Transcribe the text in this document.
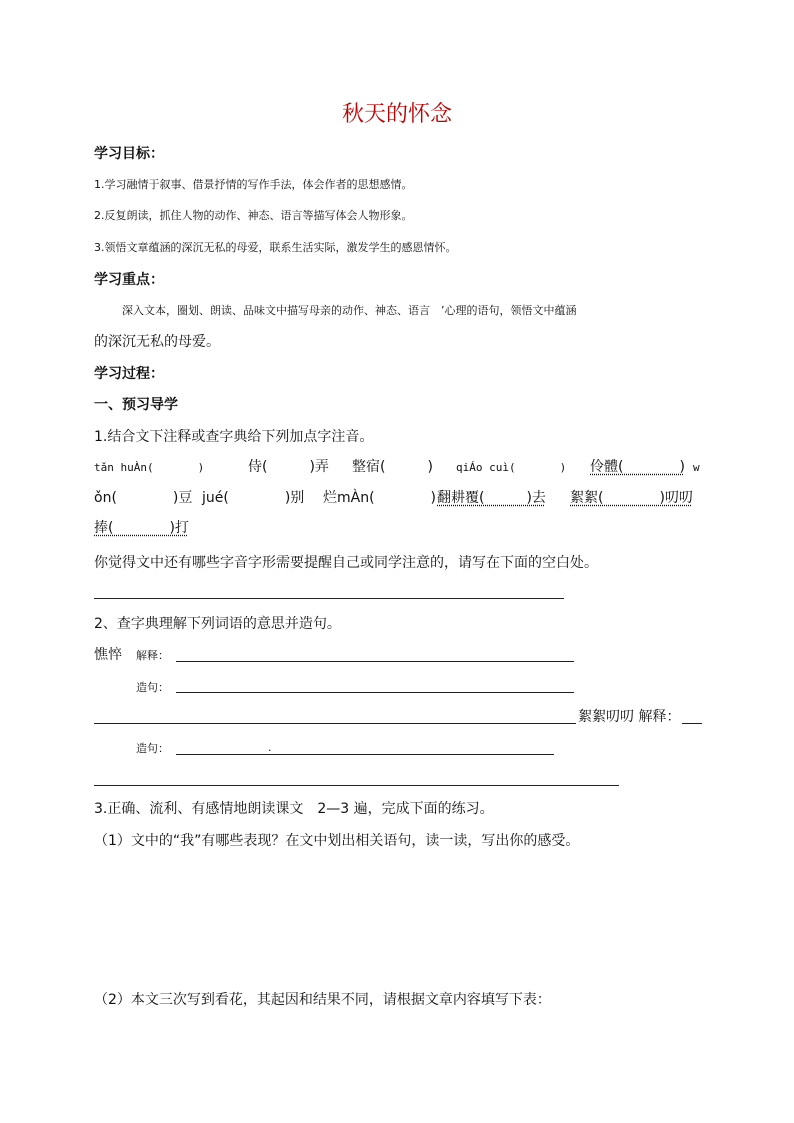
秋天的怀念
学习目标：
1.学习融情于叙事、借景抒情的写作手法，体会作者的思想感情。
2.反复朗读，抓住人物的动作、神态、语言等描写体会人物形象。
3.领悟文章蕴涵的深沉无私的母爱，联系生活实际，激发学生的感恩情怀。
学习重点：
深入文本，圈划、朗读、品味文中描写母亲的动作、神态、语言　’心理的语句，领悟文中蕴涵
的深沉无私的母爱。
学习过程：
一、预习导学
1.结合文下注释或查字典给下列加点字注音。
tǎn huÀn(　　　　)	侍(　　　)弄 整宿(　　　) qiÁo cuì(　　　　) 伶體(　　　　) w
ǒn(　　　　)豆 jué(　　　　)别 烂mÀn(　　　　) 翻耕覆(　　　)去 絮絮(　　　　)叨叨
捧(　　　　)打
你觉得文中还有哪些字音字形需要提醒自己或同学注意的，请写在下面的空白处。
2、查字典理解下列词语的意思并造句。
憔悴 解释：
造句：
絮絮叨叨 解释：
造句：	.
3.正确、流利、有感情地朗读课文　2—3 遍，完成下面的练习。
（1）文中的“我”有哪些表现？在文中划出相关语句，读一读，写出你的感受。
（2）本文三次写到看花，其起因和结果不同，请根据文章内容填写下表：
